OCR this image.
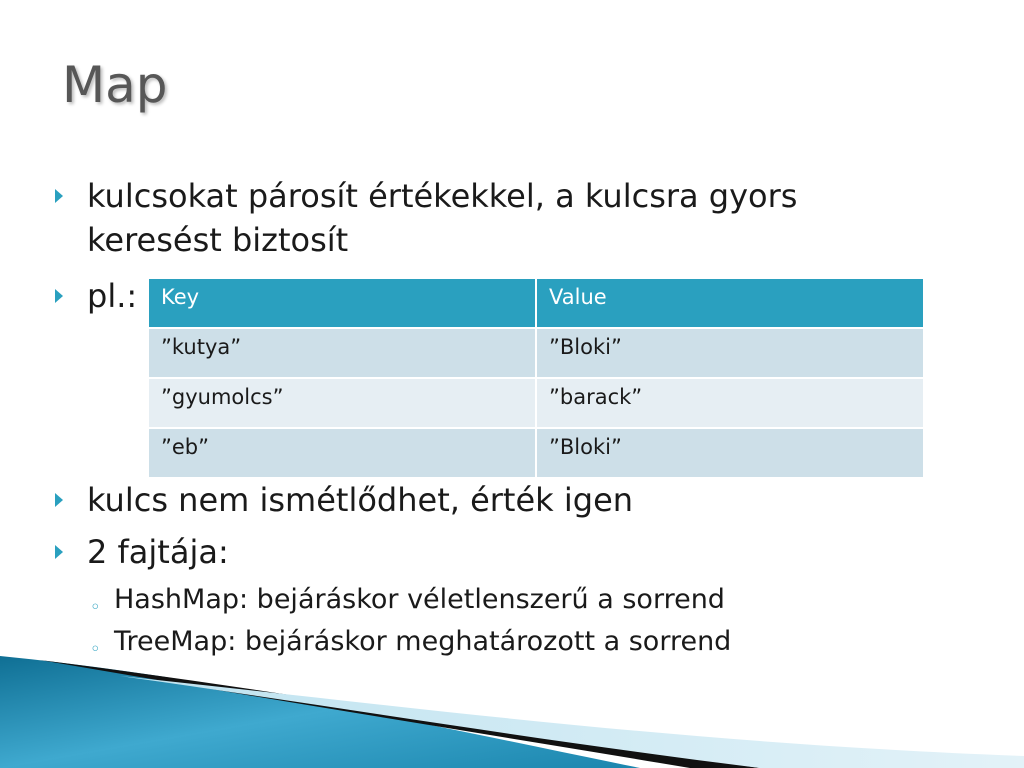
Map
kulcsokat párosít értékekkel, a kulcsra gyors
keresést biztosít
pl.: Key	Value
”kutya”	”Bloki”
”gyumolcs”	”barack”
”eb”	”Bloki”
kulcs nem ismétlődhet, érték igen
2 fajtája:
◦ HashMap: bejáráskor véletlenszerű a sorrend
◦ TreeMap: bejáráskor meghatározott a sorrend
